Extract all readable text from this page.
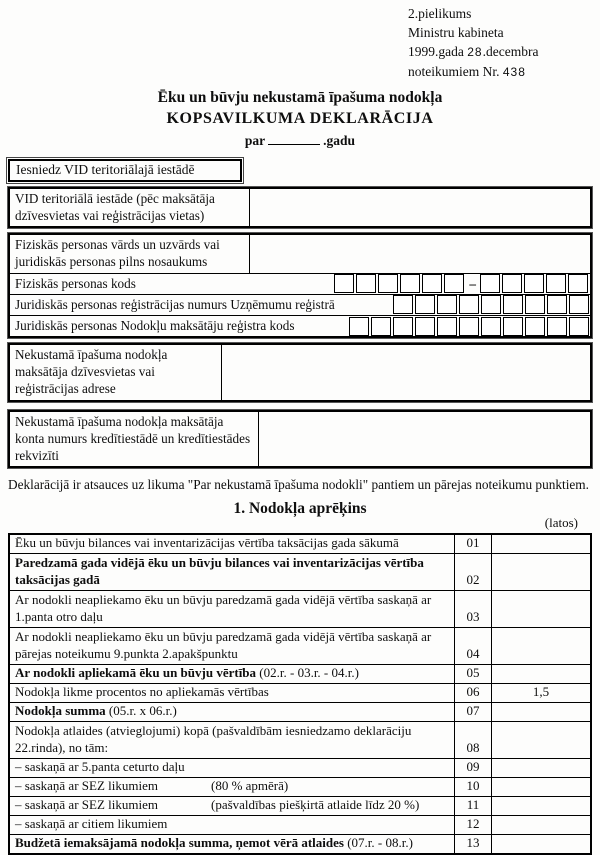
2.pielikums
Ministru kabineta
1999.gada 28.decembra
noteikumiem Nr. 438
Ēku un būvju nekustamā īpašuma nodokļa
KOPSAVILKUMA DEKLARĀCIJA
par	.gadu
Iesniedz VID teritoriālajā iestādē
VID teritoriālā iestāde (pēc maksātāja dzīvesvietas vai reģistrācijas vietas)
Fiziskās personas vārds un uzvārds vai juridiskās personas pilns nosaukums
Fiziskās personas kods	–
Juridiskās personas reģistrācijas numurs Uzņēmumu reģistrā
Juridiskās personas Nodokļu maksātāju reģistra kods
Nekustamā īpašuma nodokļa maksātāja dzīvesvietas vai reģistrācijas adrese
Nekustamā īpašuma nodokļa maksātāja konta numurs kredītiestādē un kredītiestādes rekvizīti
Deklarācijā ir atsauces uz likuma "Par nekustamā īpašuma nodokli" pantiem un pārejas noteikumu punktiem.
1. Nodokļa aprēķins
(latos)
Ēku un būvju bilances vai inventarizācijas vērtība taksācijas gada sākumā	01	
Paredzamā gada vidējā ēku un būvju bilances vai inventarizācijas vērtība taksācijas gadā	02	
Ar nodokli neapliekamo ēku un būvju paredzamā gada vidējā vērtība saskaņā ar 1.panta otro daļu	03	
Ar nodokli neapliekamo ēku un būvju paredzamā gada vidējā vērtība saskaņā ar pārejas noteikumu 9.punkta 2.apakšpunktu	04	
Ar nodokli apliekamā ēku un būvju vērtība (02.r. - 03.r. - 04.r.)	05	
Nodokļa likme procentos no apliekamās vērtības	06	1,5
Nodokļa summa (05.r. x 06.r.)	07	
Nodokļa atlaides (atvieglojumi) kopā (pašvaldībām iesniedzamo deklarāciju 22.rinda), no tām:	08	
– saskaņā ar 5.panta ceturto daļu	09	
– saskaņā ar SEZ likumiem (80 % apmērā)	10	
– saskaņā ar SEZ likumiem (pašvaldības piešķirtā atlaide līdz 20 %)	11	
– saskaņā ar citiem likumiem	12	
Budžetā iemaksājamā nodokļa summa, ņemot vērā atlaides (07.r. - 08.r.)	13	
